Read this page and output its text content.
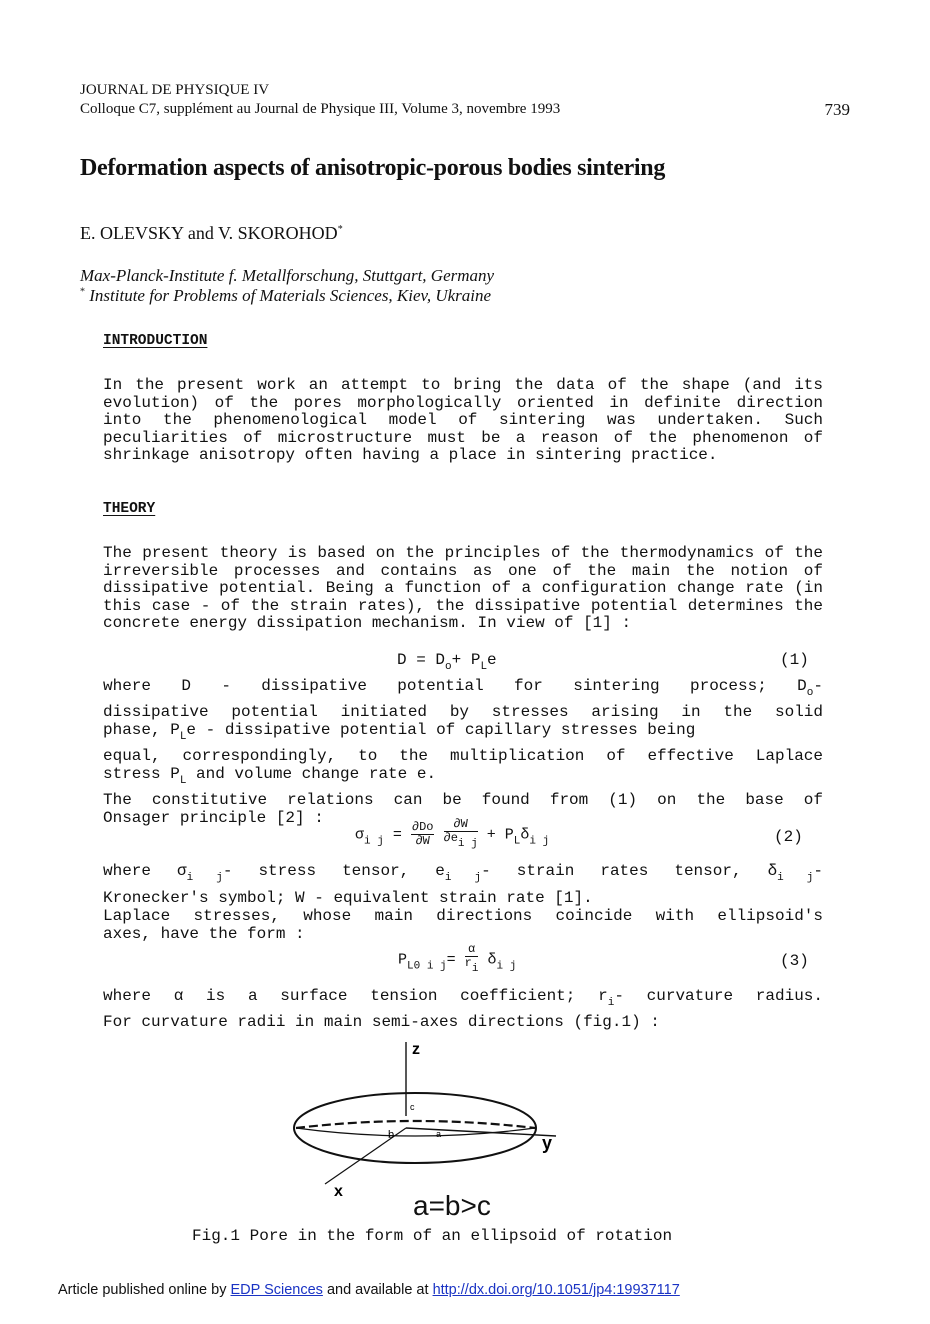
JOURNAL DE PHYSIQUE IV
Colloque C7, supplément au Journal de Physique III, Volume 3, novembre 1993	739
Deformation aspects of anisotropic-porous bodies sintering
E. OLEVSKY and V. SKOROHOD*
Max-Planck-Institute f. Metallforschung, Stuttgart, Germany
* Institute for Problems of Materials Sciences, Kiev, Ukraine
INTRODUCTION
In the present work an attempt to bring the data of the shape (and its evolution) of the pores morphologically oriented in definite direction into the phenomenological model of sintering was undertaken. Such peculiarities of microstructure must be a reason of the phenomenon of shrinkage anisotropy often having a place in sintering practice.
THEORY
The present theory is based on the principles of the thermodynamics of the irreversible processes and contains as one of the main the notion of dissipative potential. Being a function of a configuration change rate (in this case - of the strain rates), the dissipative potential determines the concrete energy dissipation mechanism. In view of [1] :
$D = D_o+ P_Le$	(1)
where D - dissipative potential for sintering process; $D_o-$
dissipative potential initiated by stresses arising in the solid
phase, $P_Le$ - dissipative potential of capillary stresses being
equal, correspondingly, to the multiplication of effective Laplace
stress $P_L$ and volume change rate e.
The constitutive relations can be found from (1) on the base of
Onsager principle [2] :
$\sigma_{i j} = \frac{\partial Do}{\partial W}$
$\frac{\partial W}{\partial e_{i j}} + P_L\delta_{i j}$	(2)
where $\sigma_{i j}-$ stress tensor, $e_{i j}-$ strain rates tensor, $\delta_{i j}-$
Kronecker's symbol; W - equivalent strain rate [1].
Laplace stresses, whose main directions coincide with ellipsoid's
axes, have the form :
$P_{L0 i j}= \frac{\alpha}{r_i} \delta_{i j}$	(3)
where α is a surface tension coefficient; $r_i-$ curvature radius.
For curvature radii in main semi-axes directions (fig.1) :
z
y
x
c
a
b
a=b>c
Fig.1 Pore in the form of an ellipsoid of rotation
Article published online by EDP Sciences and available at http://dx.doi.org/10.1051/jp4:19937117
